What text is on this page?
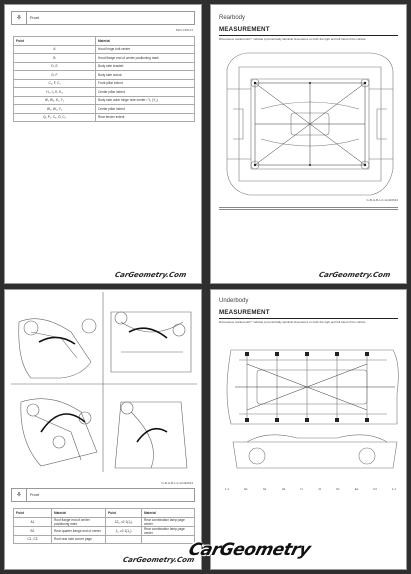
⚘	Front
BRA-188123
Point	Material
A	Hood hinge bolt center
B	Hood flange end of center positioning mark
D, E	Body side bracket
D, F	Body side cutout
C₂, F, C₁	Front pillar indent
H₁, I₁, K, K₂	Center pillar indent
W₁ W₂, K₁, Y₂	Body side outer hinge hole center / Y₁ (Y₂)
W₂, W₁, Y₂	Center pillar indent
Q₀ P₀, C₁, G, C₂	Rear fender indent
CarGeometry.Com
Rearbody
MEASUREMENT

Dimensions marked with * indicate symmetrically identical dimensions on both the right and left hand of the vehicle.

G-B-H-B-1-0-1A420623
CarGeometry.Com
G-B-H-B-1-0-1A420623
⚘	Front
Point	Material	Point	Material
A1	Roof flange end of center positioning mark	1Z₁, c2 1(1₂)	Rear combination lamp page center
B1	Rear quarter flange end of center	1₁, c2 1(1₂)	Rear combination lamp page center
C1, C3	Roof rear side corner page		
CarGeometry.Com
Underbody
MEASUREMENT

Dimensions marked with * indicate symmetrically identical dimensions on both the right and left hand of the vehicle.

1-1	E1	G1	H1	I1	J1	K1	Eq	F4	1-1
CarGeometry
